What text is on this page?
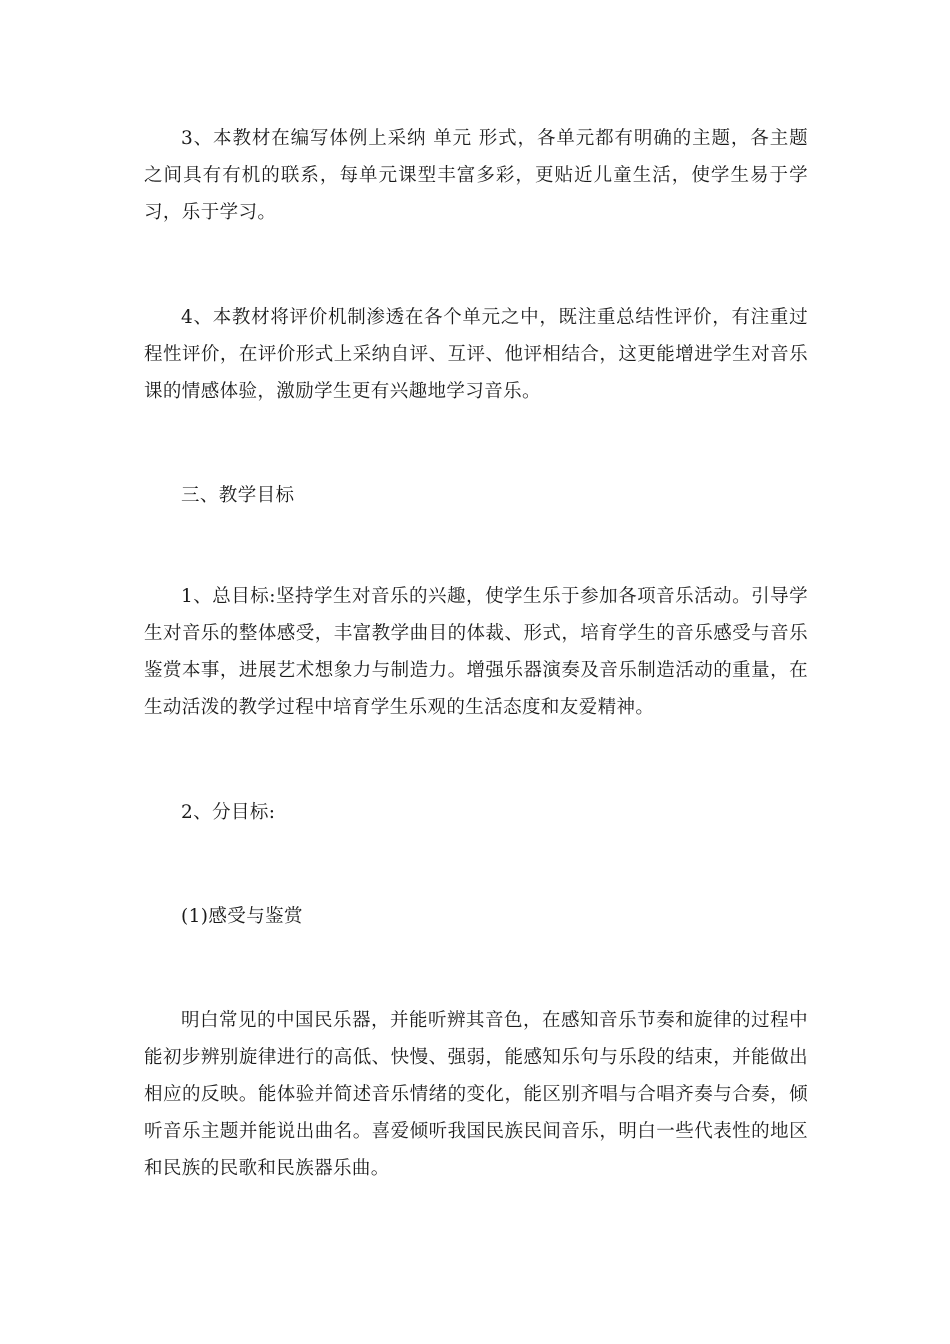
3、本教材在编写体例上采纳 单元 形式，各单元都有明确的主题，各主题之间具有有机的联系，每单元课型丰富多彩，更贴近儿童生活，使学生易于学习，乐于学习。

4、本教材将评价机制渗透在各个单元之中，既注重总结性评价，有注重过程性评价，在评价形式上采纳自评、互评、他评相结合，这更能增进学生对音乐课的情感体验，激励学生更有兴趣地学习音乐。

三、教学目标

1、总目标:坚持学生对音乐的兴趣，使学生乐于参加各项音乐活动。引导学生对音乐的整体感受，丰富教学曲目的体裁、形式，培育学生的音乐感受与音乐鉴赏本事，进展艺术想象力与制造力。增强乐器演奏及音乐制造活动的重量，在生动活泼的教学过程中培育学生乐观的生活态度和友爱精神。

2、分目标:

(1)感受与鉴赏

明白常见的中国民乐器，并能听辨其音色，在感知音乐节奏和旋律的过程中能初步辨别旋律进行的高低、快慢、强弱，能感知乐句与乐段的结束，并能做出相应的反映。能体验并简述音乐情绪的变化，能区别齐唱与合唱齐奏与合奏，倾听音乐主题并能说出曲名。喜爱倾听我国民族民间音乐，明白一些代表性的地区和民族的民歌和民族器乐曲。
